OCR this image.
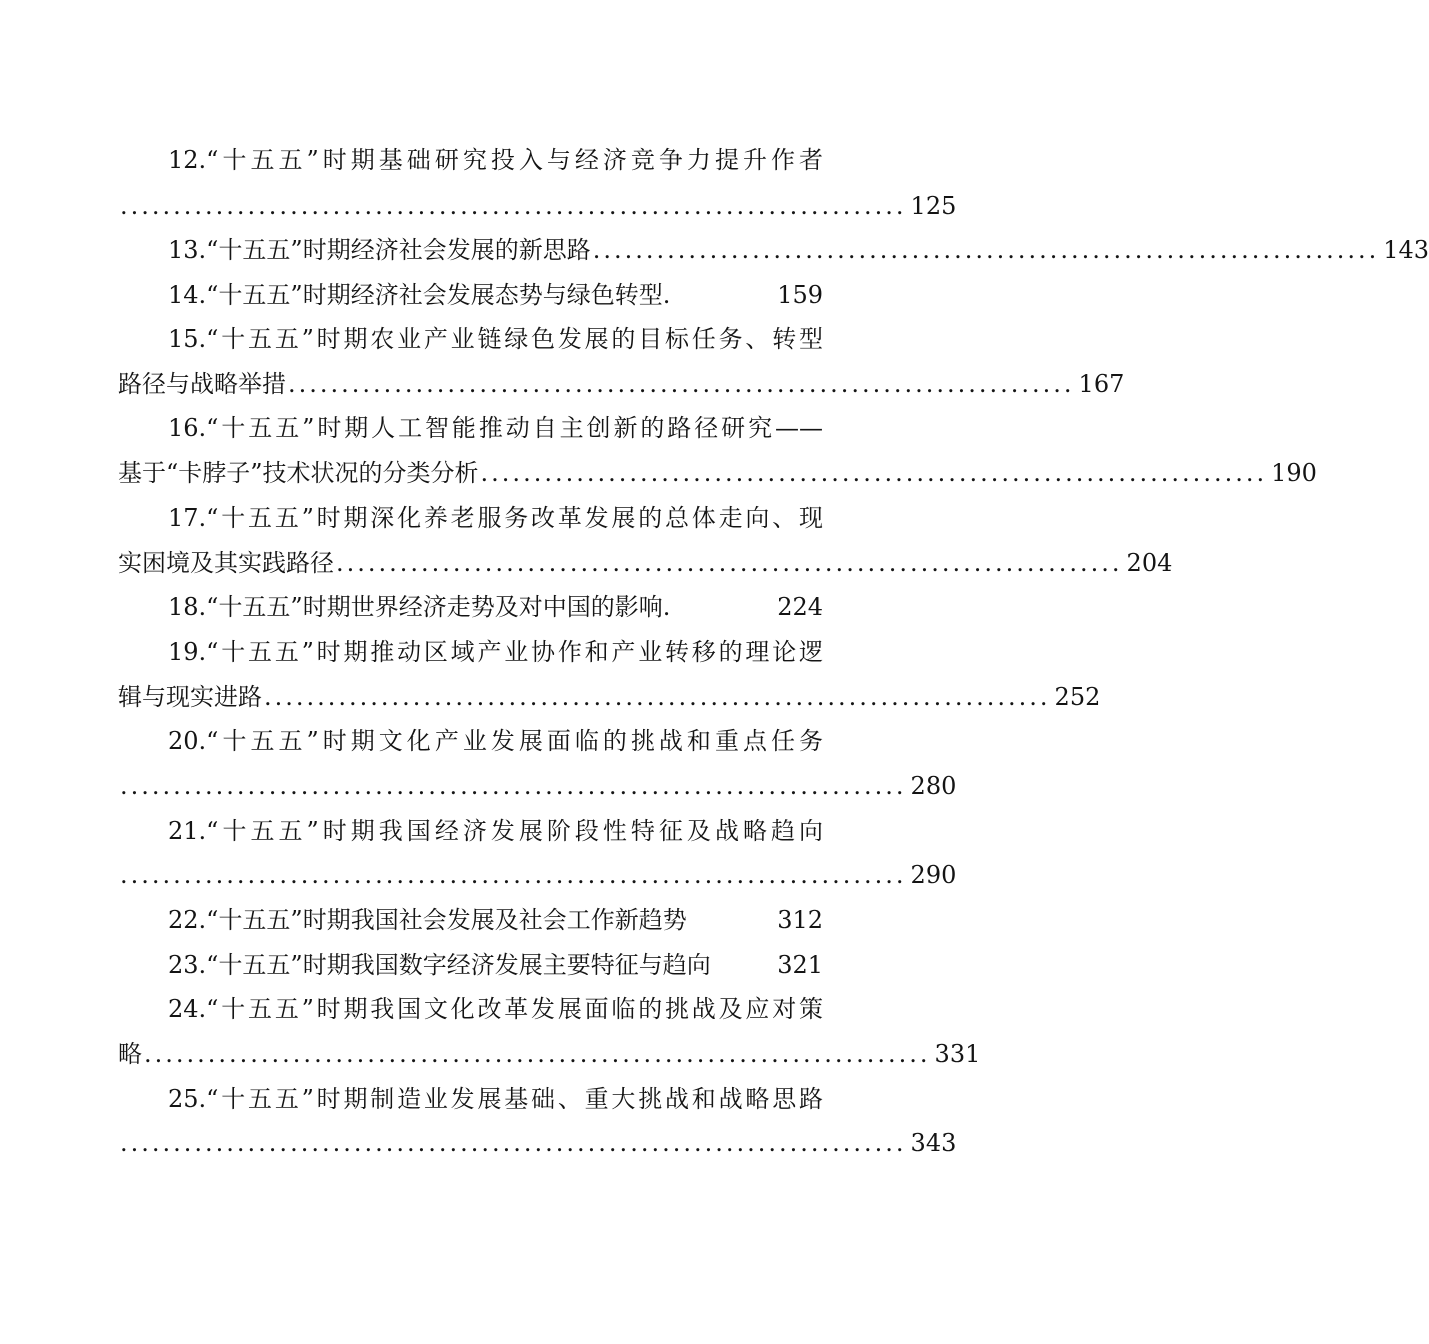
12.“十五五”时期基础研究投入与经济竞争力提升作者
.......................................................................... 125
13.“十五五”时期经济社会发展的新思路 .......................................................................... 143
14.“十五五”时期经济社会发展态势与绿色转型.	159
15.“十五五”时期农业产业链绿色发展的目标任务、转型
路径与战略举措 .......................................................................... 167
16.“十五五”时期人工智能推动自主创新的路径研究——
基于“卡脖子”技术状况的分类分析 .......................................................................... 190
17.“十五五”时期深化养老服务改革发展的总体走向、现
实困境及其实践路径 .......................................................................... 204
18.“十五五”时期世界经济走势及对中国的影响.	224
19.“十五五”时期推动区域产业协作和产业转移的理论逻
辑与现实进路 .......................................................................... 252
20.“十五五”时期文化产业发展面临的挑战和重点任务
.......................................................................... 280
21.“十五五”时期我国经济发展阶段性特征及战略趋向
.......................................................................... 290
22.“十五五”时期我国社会发展及社会工作新趋势	312
23.“十五五”时期我国数字经济发展主要特征与趋向	321
24.“十五五”时期我国文化改革发展面临的挑战及应对策
略 .......................................................................... 331
25.“十五五”时期制造业发展基础、重大挑战和战略思路
.......................................................................... 343
